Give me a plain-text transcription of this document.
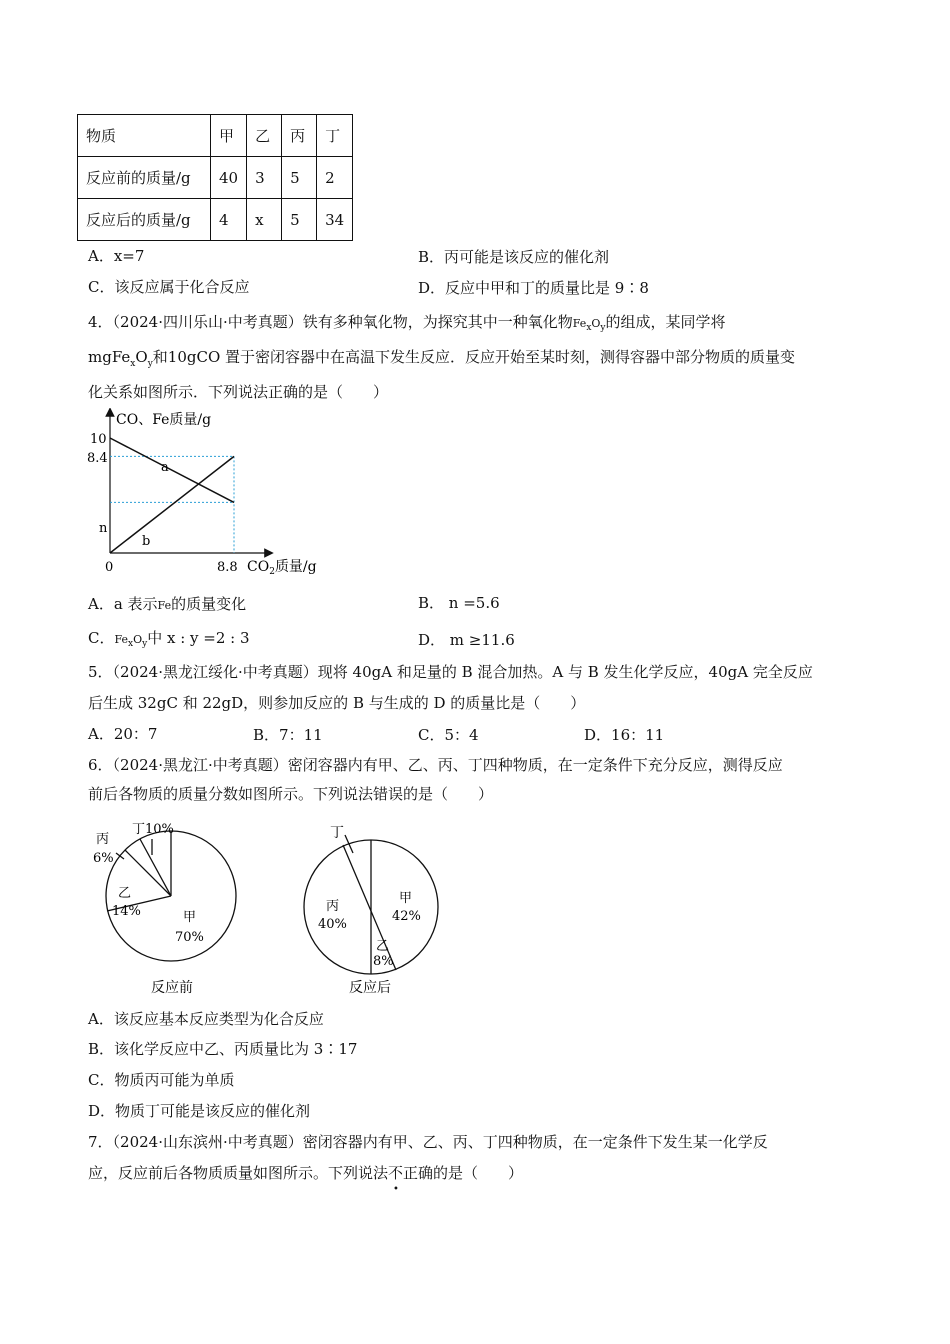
物质	甲	乙	丙	丁
反应前的质量/g	40	3	5	2
反应后的质量/g	4	x	5	34
A．x=7	B．丙可能是该反应的催化剂
C．该反应属于化合反应	D．反应中甲和丁的质量比是 9∶8
4．（2024·四川乐山·中考真题）铁有多种氧化物，为探究其中一种氧化物$Fe_xO_y$的组成，某同学将
$mgFe_xO_y$和10gCO 置于密闭容器中在高温下发生反应．反应开始至某时刻，测得容器中部分物质的质量变
化关系如图所示．下列说法正确的是（　　）
CO、Fe质量/g
10
8.4
n
0	8.8 $CO_2$质量/g
a
b
A．a 表示Fe的质量变化	B． n =5.6
C．$Fe_xO_y$中 x : y =2 : 3	D． m ≥11.6
5．（2024·黑龙江绥化·中考真题）现将 40gA 和足量的 B 混合加热。A 与 B 发生化学反应，40gA 完全反应
后生成 32gC 和 22gD，则参加反应的 B 与生成的 D 的质量比是（　　）
A．20：7	B．7：11	C．5：4	D．16：11
6．（2024·黑龙江·中考真题）密闭容器内有甲、乙、丙、丁四种物质，在一定条件下充分反应，测得反应
前后各物质的质量分数如图所示。下列说法错误的是（　　）
丁10%
丙
6%
乙
14%	甲
70%
反应前
丁
丙
40%
甲
42%
乙
8%
反应后
A．该反应基本反应类型为化合反应
B．该化学反应中乙、丙质量比为 3∶17
C．物质丙可能为单质
D．物质丁可能是该反应的催化剂
7．（2024·山东滨州·中考真题）密闭容器内有甲、乙、丙、丁四种物质，在一定条件下发生某一化学反
应，反应前后各物质质量如图所示。下列说法不
•
正确的是（　　）
